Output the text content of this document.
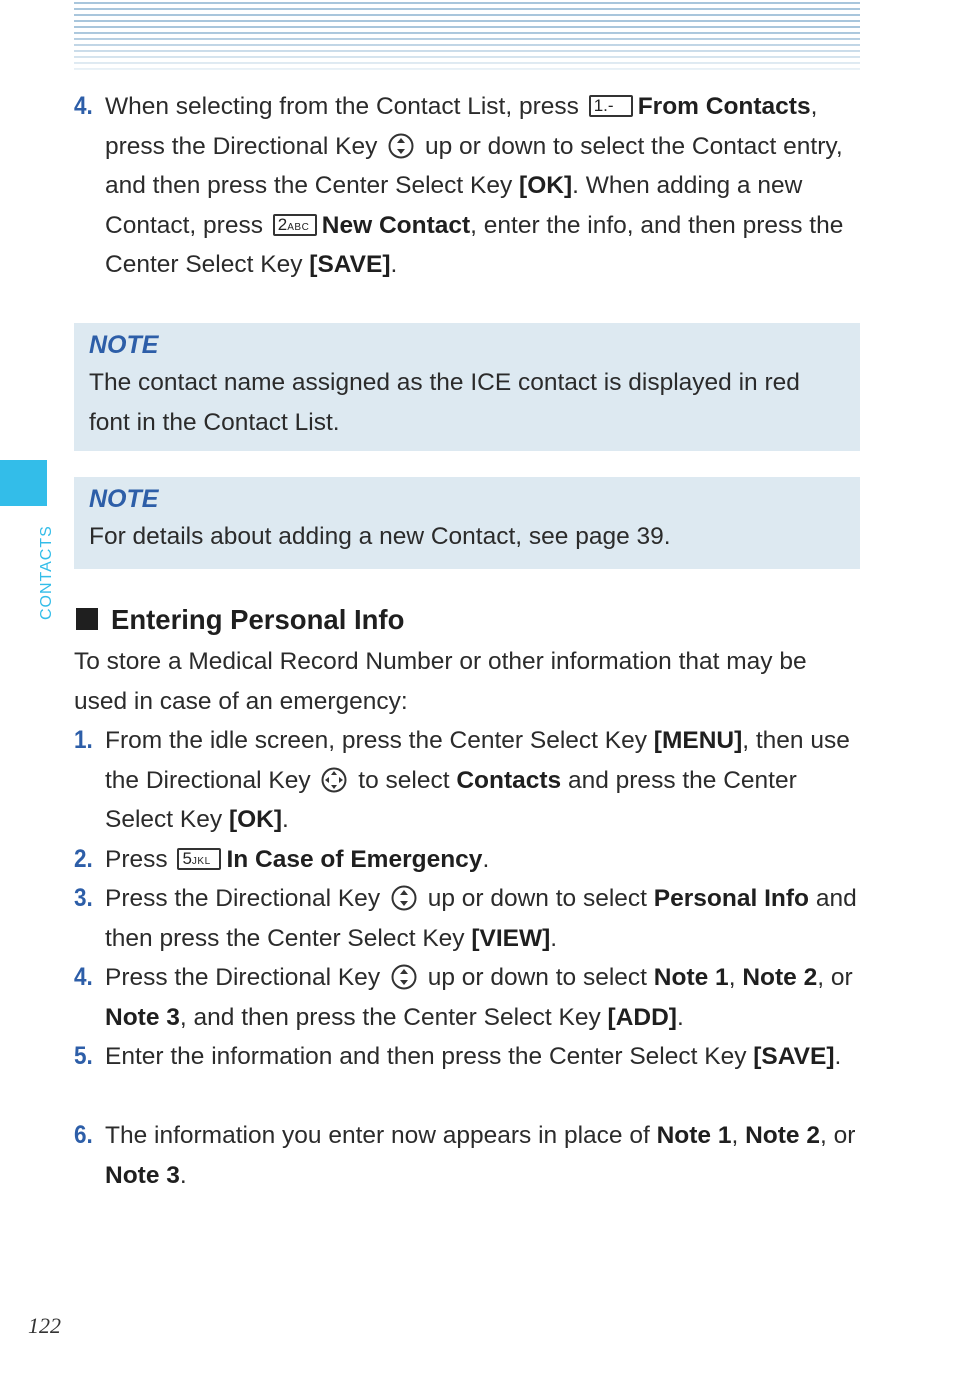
CONTACTS
4. When selecting from the Contact List, press 1.- From Contacts, press the Directional Key up or down to select the Contact entry, and then press the Center Select Key [OK]. When adding a new Contact, press 2ABC New Contact, enter the info, and then press the Center Select Key [SAVE].
NOTE
The contact name assigned as the ICE contact is displayed in red font in the Contact List.
NOTE
For details about adding a new Contact, see page 39.
Entering Personal Info
To store a Medical Record Number or other information that may be used in case of an emergency:
1. From the idle screen, press the Center Select Key [MENU], then use the Directional Key to select Contacts and press the Center Select Key [OK].
2. Press 5JKL In Case of Emergency.
3. Press the Directional Key up or down to select Personal Info and then press the Center Select Key [VIEW].
4. Press the Directional Key up or down to select Note 1, Note 2, or Note 3, and then press the Center Select Key [ADD].
5. Enter the information and then press the Center Select Key [SAVE].
6. The information you enter now appears in place of Note 1, Note 2, or Note 3.
122
